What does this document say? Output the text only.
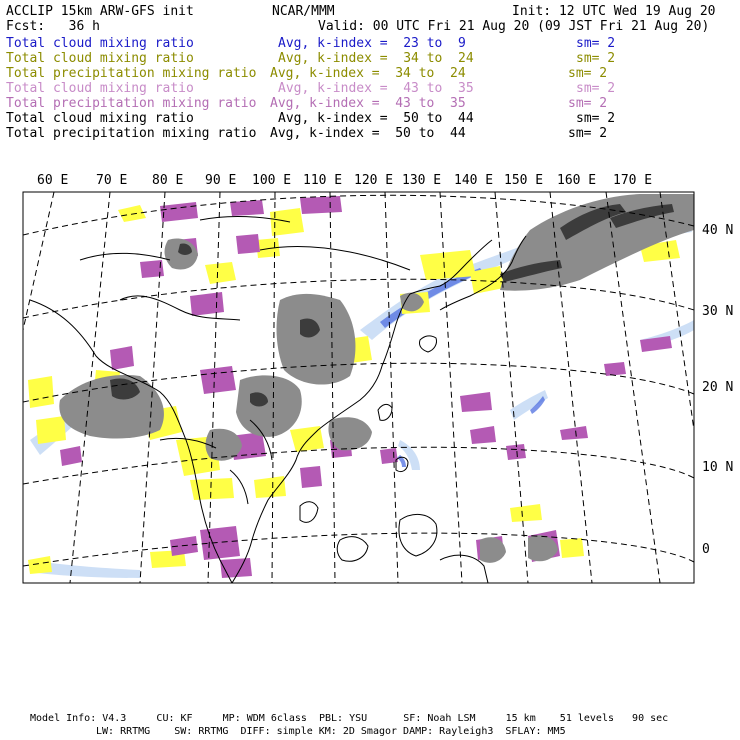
ACCLIP 15km ARW-GFS init	NCAR/MMM	Init: 12 UTC Wed 19 Aug 20
Fcst:   36 h	Valid: 00 UTC Fri 21 Aug 20 (09 JST Fri 21 Aug 20)
Total cloud mixing ratio	Avg, k-index =  23 to  9	sm= 2
Total cloud mixing ratio	Avg, k-index =  34 to  24	sm= 2
Total precipitation mixing ratio Avg, k-index =  34 to  24	sm= 2
Total cloud mixing ratio	Avg, k-index =  43 to  35	sm= 2
Total precipitation mixing ratio Avg, k-index =  43 to  35	sm= 2
Total cloud mixing ratio	Avg, k-index =  50 to  44	sm= 2
Total precipitation mixing ratio Avg, k-index =  50 to  44	sm= 2
60 E 70 E 80 E 90 E 100 E 110 E 120 E 130 E 140 E 150 E 160 E 170 E
40 N
30 N
20 N
10 N
0
Model Info: V4.3     CU: KF     MP: WDM 6class  PBL: YSU      SF: Noah LSM     15 km    51 levels   90 sec
LW: RRTMG    SW: RRTMG  DIFF: simple KM: 2D Smagor DAMP: Rayleigh3  SFLAY: MM5
